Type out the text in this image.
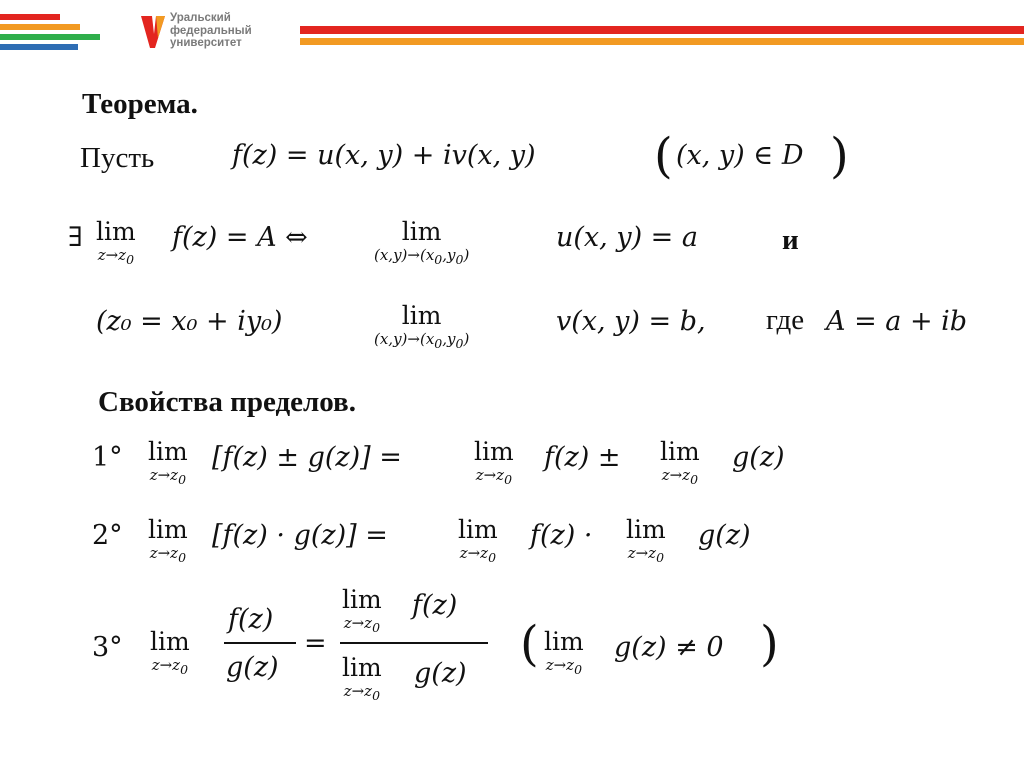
Уральский
федеральный
университет
Теорема.
Пусть	f(z) = u(x, y) + iv(x, y) ( (x, y) ∈ D )
∃ lim
$z\to z_0$
f(z) = A ⇔	lim
$(x,y)\to(x_0,y_0)$
u(x, y) = a	и
(z₀ = x₀ + iy₀)	lim
$(x,y)\to(x_0,y_0)$
v(x, y) = b, где A = a + ib
Свойства пределов.
1° lim
$z\to z_0$
[f(z) ± g(z)] =	lim
$z\to z_0$
f(z) ± lim
$z\to z_0$
g(z)
2° lim
$z\to z_0$
[f(z) · g(z)] =	lim
$z\to z_0$
f(z) · lim
$z\to z_0$
g(z)
3° lim
$z\to z_0$
f(z)
g(z)
=
lim
$z\to z_0$
f(z)
lim
$z\to z_0$
g(z)
( lim
$z\to z_0$
g(z) ≠ 0 )
